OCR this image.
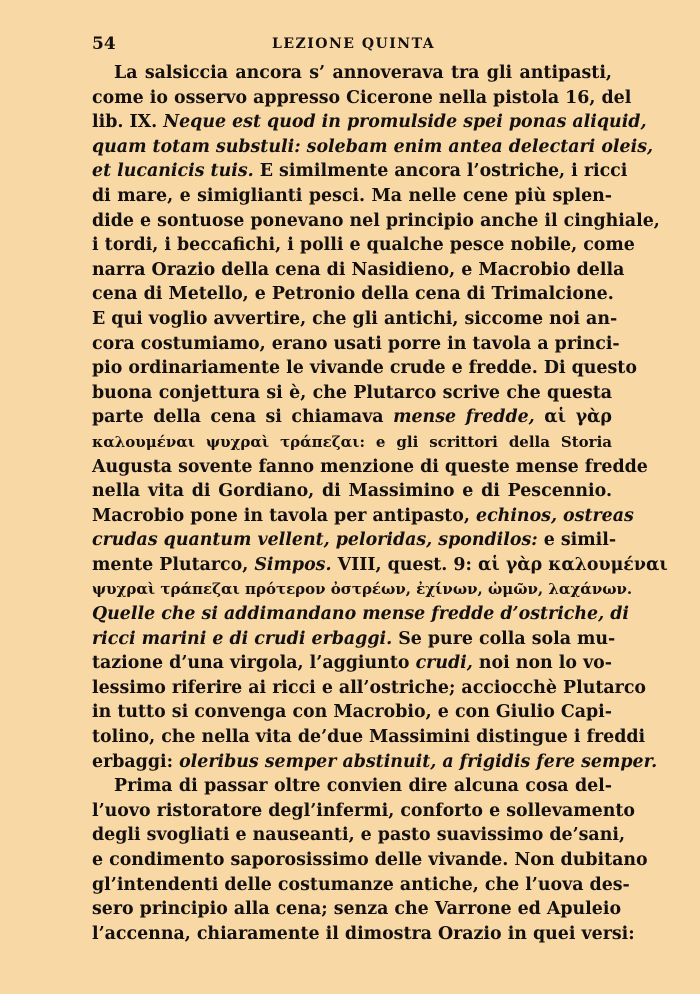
54	LEZIONE QUINTA
La salsiccia ancora s’ annoverava tra gli antipasti,
come io osservo appresso Cicerone nella pistola 16, del
lib. IX. Neque est quod in promulside spei ponas aliquid,
quam totam substuli: solebam enim antea delectari oleis,
et lucanicis tuis. E similmente ancora l’ostriche, i ricci
di mare, e simiglianti pesci. Ma nelle cene più splen-
dide e sontuose ponevano nel principio anche il cinghiale,
i tordi, i beccafichi, i polli e qualche pesce nobile, come
narra Orazio della cena di Nasidieno, e Macrobio della
cena di Metello, e Petronio della cena di Trimalcione.
E qui voglio avvertire, che gli antichi, siccome noi an-
cora costumiamo, erano usati porre in tavola a princi-
pio ordinariamente le vivande crude e fredde. Di questo
buona conjettura si è, che Plutarco scrive che questa
parte della cena si chiamava mense fredde, αἱ γὰρ
καλουμέναι ψυχραὶ τράπεζαι: e gli scrittori della Storia
Augusta sovente fanno menzione di queste mense fredde
nella vita di Gordiano, di Massimino e di Pescennio.
Macrobio pone in tavola per antipasto, echinos, ostreas
crudas quantum vellent, peloridas, spondilos: e simil-
mente Plutarco, Simpos. VIII, quest. 9: αἱ γὰρ καλουμέναι
ψυχραὶ τράπεζαι πρότερον ὀστρέων, ἐχίνων, ὠμῶν, λαχάνων.
Quelle che si addimandano mense fredde d’ostriche, di
ricci marini e di crudi erbaggi. Se pure colla sola mu-
tazione d’una virgola, l’aggiunto crudi, noi non lo vo-
lessimo riferire ai ricci e all’ostriche; acciocchè Plutarco
in tutto si convenga con Macrobio, e con Giulio Capi-
tolino, che nella vita de’due Massimini distingue i freddi
erbaggi: oleribus semper abstinuit, a frigidis fere semper.
Prima di passar oltre convien dire alcuna cosa del-
l’uovo ristoratore degl’infermi, conforto e sollevamento
degli svogliati e nauseanti, e pasto suavissimo de’sani,
e condimento saporosissimo delle vivande. Non dubitano
gl’intendenti delle costumanze antiche, che l’uova des-
sero principio alla cena; senza che Varrone ed Apuleio
l’accenna, chiaramente il dimostra Orazio in quei versi:
